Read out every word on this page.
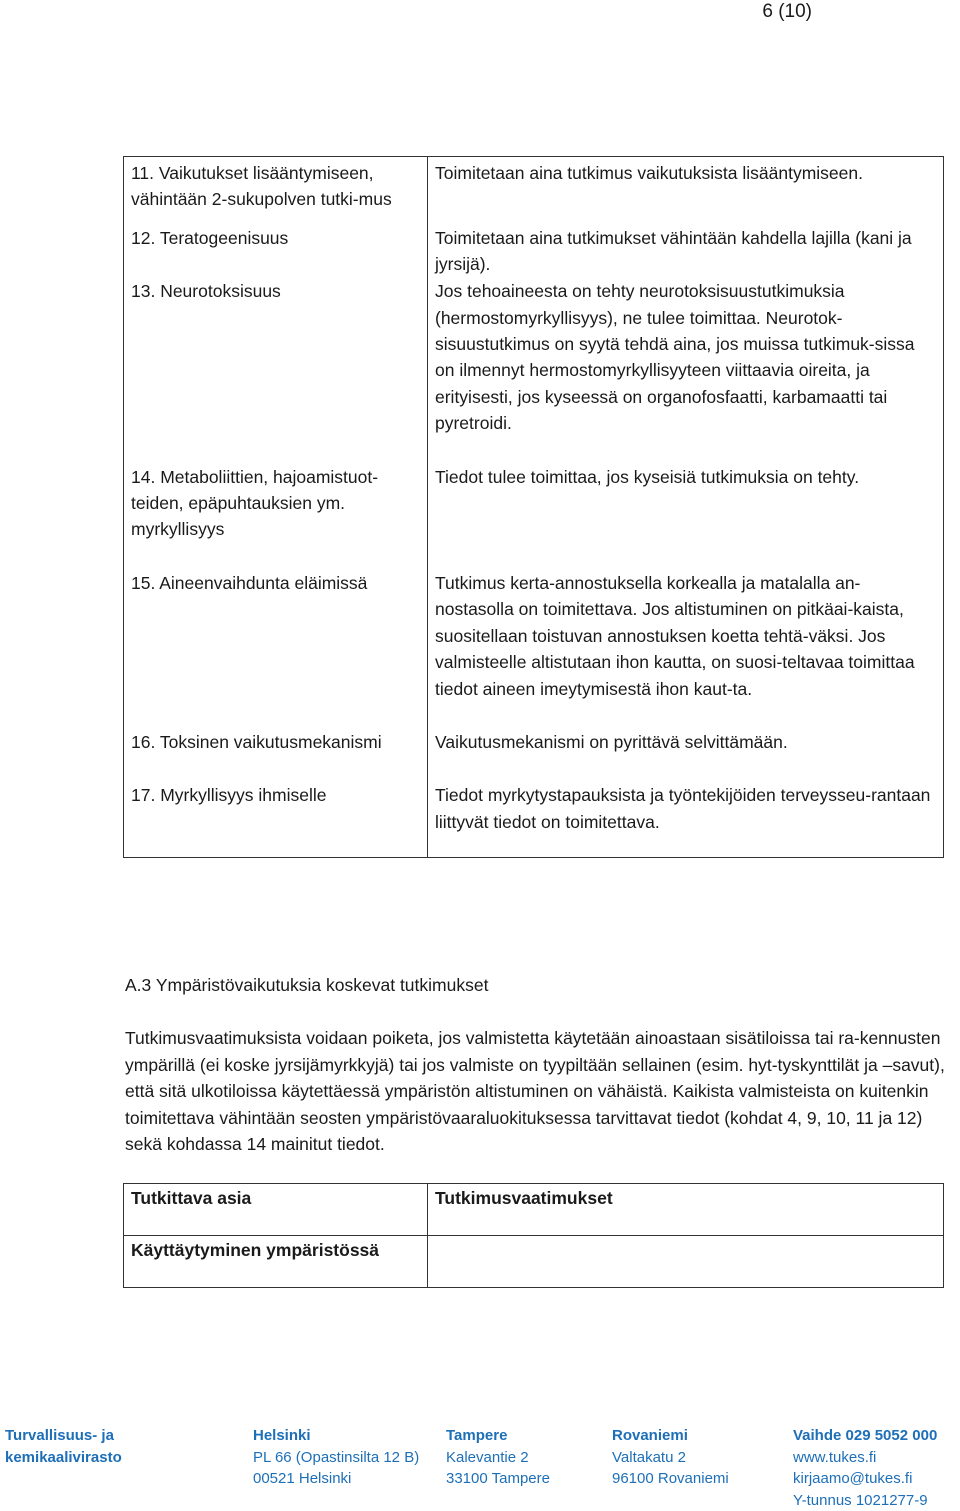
6 (10)
11. Vaikutukset lisääntymiseen, vähintään 2-sukupolven tutki-mus	Toimitetaan aina tutkimus vaikutuksista lisääntymiseen.

12. Teratogeenisuus	Toimitetaan aina tutkimukset vähintään kahdella lajilla (kani ja jyrsijä).

13. Neurotoksisuus	Jos tehoaineesta on tehty neurotoksisuustutkimuksia (hermostomyrkyllisyys), ne tulee toimittaa. Neurotok-sisuustutkimus on syytä tehdä aina, jos muissa tutkimuk-sissa on ilmennyt hermostomyrkyllisyyteen viittaavia oireita, ja erityisesti, jos kyseessä on organofosfaatti, karbamaatti tai pyretroidi.

14. Metaboliittien, hajoamistuot-teiden, epäpuhtauksien ym. myrkyllisyys	Tiedot tulee toimittaa, jos kyseisiä tutkimuksia on tehty.

15. Aineenvaihdunta eläimissä	Tutkimus kerta-annostuksella korkealla ja matalalla an-nostasolla on toimitettava. Jos altistuminen on pitkäai-kaista, suositellaan toistuvan annostuksen koetta tehtä-väksi. Jos valmisteelle altistutaan ihon kautta, on suosi-teltavaa toimittaa tiedot aineen imeytymisestä ihon kaut-ta.

16. Toksinen vaikutusmekanismi	Vaikutusmekanismi on pyrittävä selvittämään.

17. Myrkyllisyys ihmiselle	Tiedot myrkytystapauksista ja työntekijöiden terveysseu-rantaan liittyvät tiedot on toimitettava.
A.3 Ympäristövaikutuksia koskevat tutkimukset
Tutkimusvaatimuksista voidaan poiketa, jos valmistetta käytetään ainoastaan sisätiloissa tai ra-kennusten ympärillä (ei koske jyrsijämyrkkyjä) tai jos valmiste on tyypiltään sellainen (esim. hyt-tyskynttilät ja –savut), että sitä ulkotiloissa käytettäessä ympäristön altistuminen on vähäistä. Kaikista valmisteista on kuitenkin toimitettava vähintään seosten ympäristövaaraluokituksessa tarvittavat tiedot (kohdat 4, 9, 10, 11 ja 12) sekä kohdassa 14 mainitut tiedot.
Tutkittava asia	Tutkimusvaatimukset

Käyttäytyminen ympäristössä	

Turvallisuus- ja
kemikaalivirasto
Helsinki
PL 66 (Opastinsilta 12 B)
00521 Helsinki
Tampere
Kalevantie 2
33100 Tampere
Rovaniemi
Valtakatu 2
96100 Rovaniemi
Vaihde 029 5052 000
www.tukes.fi
kirjaamo@tukes.fi
Y-tunnus 1021277-9
